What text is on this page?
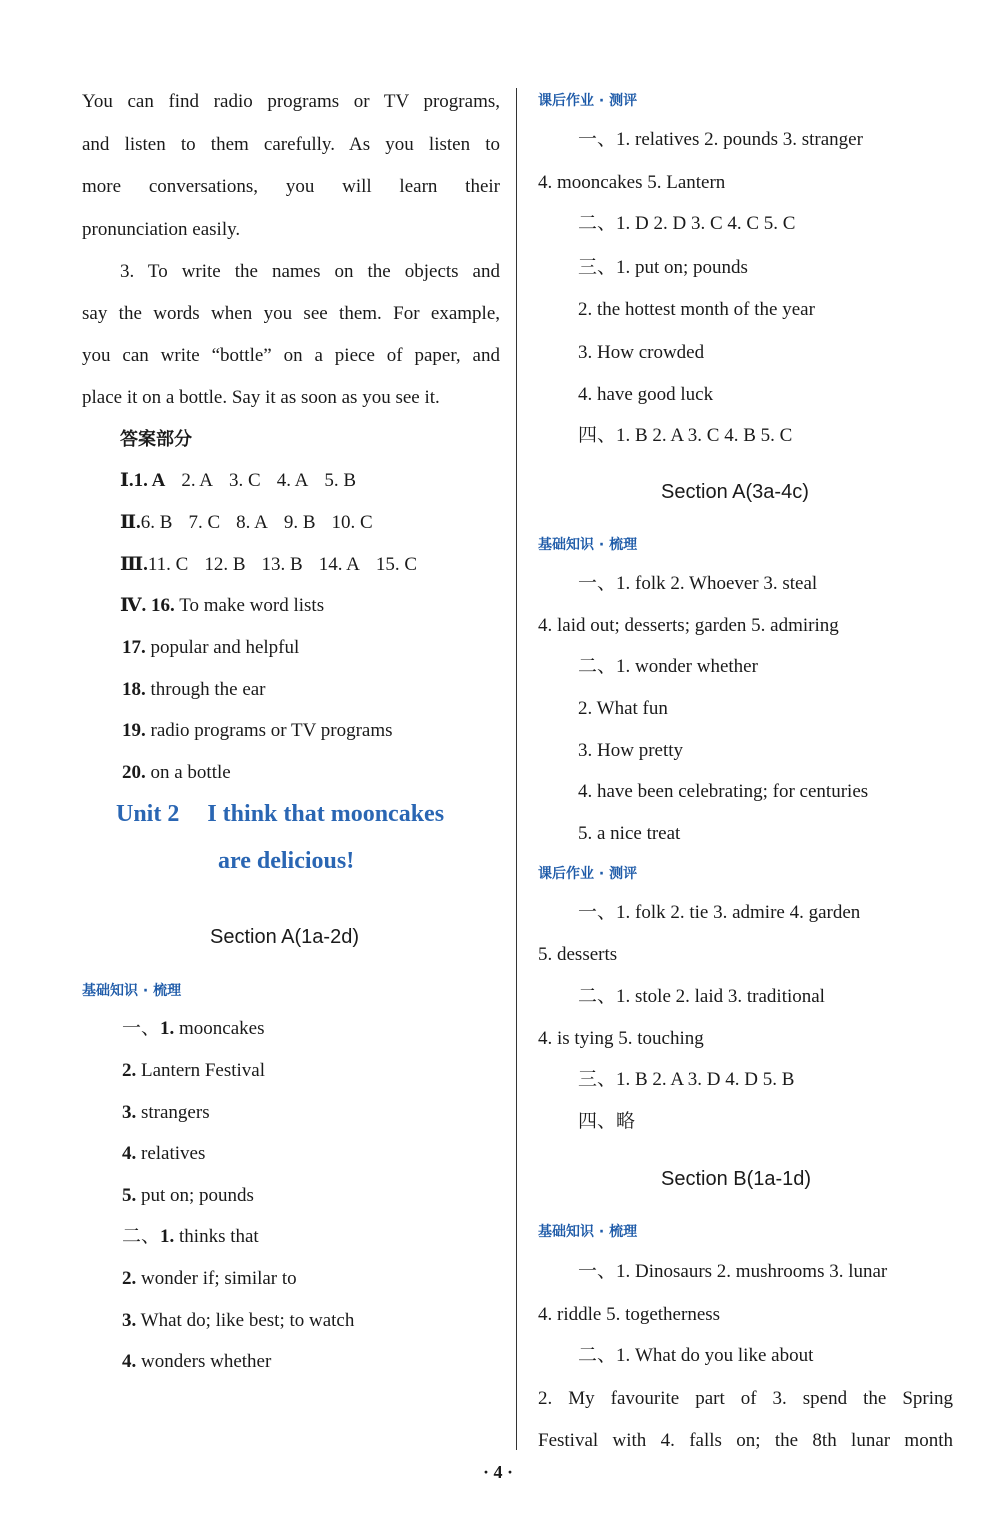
You can find radio programs or TV programs,
and listen to them carefully. As you listen to
more conversations, you will learn their
pronunciation easily.
3. To write the names on the objects and
say the words when you see them. For example,
you can write “bottle” on a piece of paper, and
place it on a bottle. Say it as soon as you see it.
答案部分
Ⅰ.1. A 2. A 3. C 4. A 5. B
Ⅱ.6. B 7. C 8. A 9. B 10. C
Ⅲ.11. C 12. B 13. B 14. A 15. C
Ⅳ. 16. To make word lists
17. popular and helpful
18. through the ear
19. radio programs or TV programs
20. on a bottle
Unit 2 I think that mooncakes
are delicious!
Section A(1a-2d)
基础知识 · 梳理
一、1. mooncakes
2. Lantern Festival
3. strangers
4. relatives
5. put on; pounds
二、1. thinks that
2. wonder if; similar to
3. What do; like best; to watch
4. wonders whether
课后作业 · 测评
一、1. relatives 2. pounds 3. stranger
4. mooncakes 5. Lantern
二、1. D 2. D 3. C 4. C 5. C
三、1. put on; pounds
2. the hottest month of the year
3. How crowded
4. have good luck
四、1. B 2. A 3. C 4. B 5. C
Section A(3a-4c)
基础知识 · 梳理
一、1. folk 2. Whoever 3. steal
4. laid out; desserts; garden 5. admiring
二、1. wonder whether
2. What fun
3. How pretty
4. have been celebrating; for centuries
5. a nice treat
课后作业 · 测评
一、1. folk 2. tie 3. admire 4. garden
5. desserts
二、1. stole 2. laid 3. traditional
4. is tying 5. touching
三、1. B 2. A 3. D 4. D 5. B
四、略
Section B(1a-1d)
基础知识 · 梳理
一、1. Dinosaurs 2. mushrooms 3. lunar
4. riddle 5. togetherness
二、1. What do you like about
2. My favourite part of 3. spend the Spring
Festival with 4. falls on; the 8th lunar month
· 4 ·
